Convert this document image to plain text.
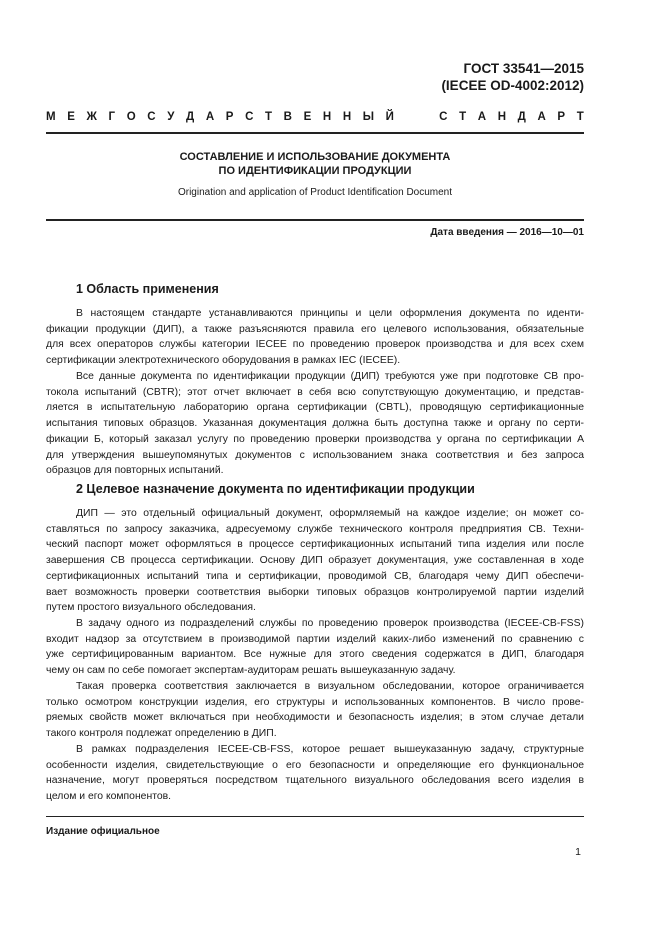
ГОСТ 33541—2015
(IECEE OD-4002:2012)
М Е Ж Г О С У Д А Р С Т В Е Н Н Ы Й	С Т А Н Д А Р Т
СОСТАВЛЕНИЕ И ИСПОЛЬЗОВАНИЕ ДОКУМЕНТА
ПО ИДЕНТИФИКАЦИИ ПРОДУКЦИИ
Origination and application of Product Identification Document
Дата введения — 2016—10—01
1 Область применения
В настоящем стандарте устанавливаются принципы и цели оформления документа по иденти-
фикации продукции (ДИП), а также разъясняются правила его целевого использования, обязательные
для всех операторов службы категории IECEE по проведению проверок производства и для всех схем
сертификации электротехнического оборудования в рамках IEC (IECEE).
Все данные документа по идентификации продукции (ДИП) требуются уже при подготовке CB про-
токола испытаний (CBTR); этот отчет включает в себя всю сопутствующую документацию, и представ-
ляется в испытательную лабораторию органа сертификации (CBTL), проводящую сертификационные
испытания типовых образцов. Указанная документация должна быть доступна также и органу по серти-
фикации Б, который заказал услугу по проведению проверки производства у органа по сертификации А
для утверждения вышеупомянутых документов с использованием знака соответствия и без запроса
образцов для повторных испытаний.
2 Целевое назначение документа по идентификации продукции
ДИП — это отдельный официальный документ, оформляемый на каждое изделие; он может со-
ставляться по запросу заказчика, адресуемому службе технического контроля предприятия CB. Техни-
ческий паспорт может оформляться в процессе сертификационных испытаний типа изделия или после
завершения CB процесса сертификации. Основу ДИП образует документация, уже составленная в ходе
сертификационных испытаний типа и сертификации, проводимой CB, благодаря чему ДИП обеспечи-
вает возможность проверки соответствия выборки типовых образцов контролируемой партии изделий
путем простого визуального обследования.
В задачу одного из подразделений службы по проведению проверок производства (IECEE-CB-FSS)
входит надзор за отсутствием в производимой партии изделий каких-либо изменений по сравнению с
уже сертифицированным вариантом. Все нужные для этого сведения содержатся в ДИП, благодаря
чему он сам по себе помогает экспертам-аудиторам решать вышеуказанную задачу.
Такая проверка соответствия заключается в визуальном обследовании, которое ограничивается
только осмотром конструкции изделия, его структуры и использованных компонентов. В число прове-
ряемых свойств может включаться при необходимости и безопасность изделия; в этом случае детали
такого контроля подлежат определению в ДИП.
В рамках подразделения IECEE-CB-FSS, которое решает вышеуказанную задачу, структурные
особенности изделия, свидетельствующие о его безопасности и определяющие его функциональное
назначение, могут проверяться посредством тщательного визуального обследования всего изделия в
целом и его компонентов.
Издание официальное
1
